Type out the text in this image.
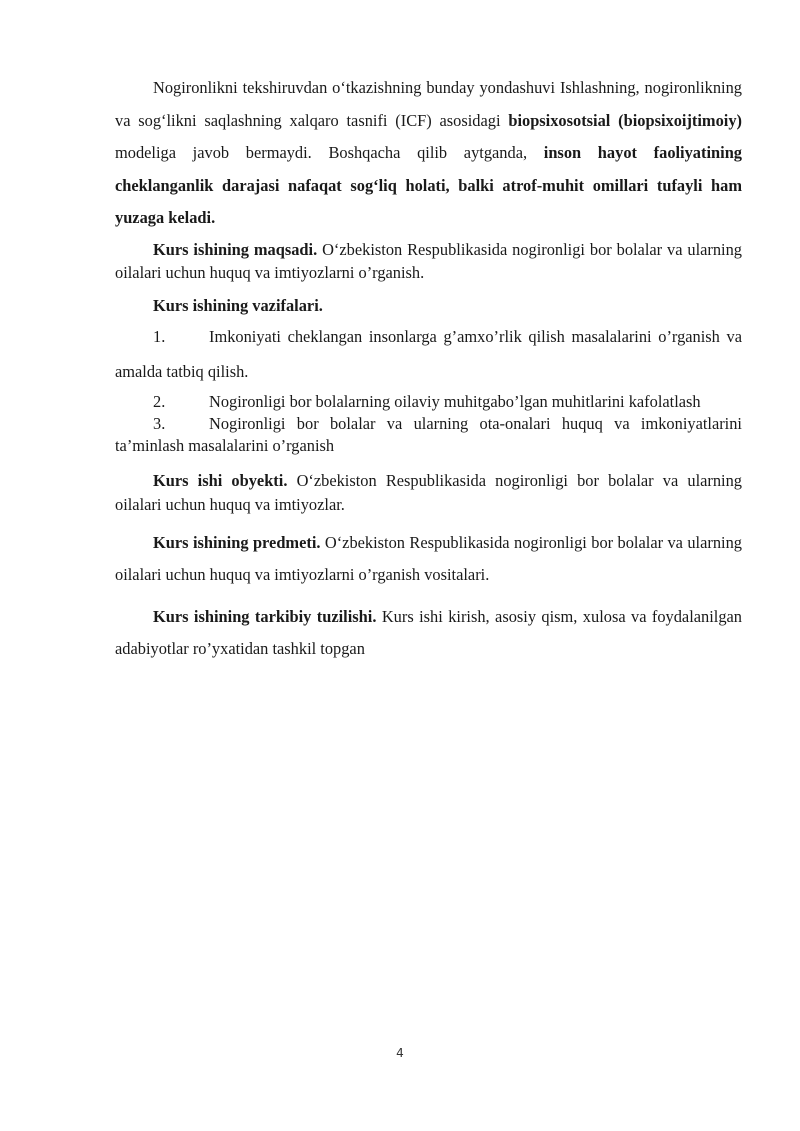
Nogironlikni tekshiruvdan o‘tkazishning bunday yondashuvi Ishlashning, nogironlikning va sog‘likni saqlashning xalqaro tasnifi (ICF) asosidagi biopsixosotsial (biopsixoijtimoiy) modeliga javob bermaydi. Boshqacha qilib aytganda, inson hayot faoliyatining cheklanganlik darajasi nafaqat sog‘liq holati, balki atrof-muhit omillari tufayli ham yuzaga keladi.

Kurs ishining maqsadi. O‘zbekiston Respublikasida nogironligi bor bolalar va ularning oilalari uchun huquq va imtiyozlarni o’rganish.

Kurs ishining vazifalari.

1.	Imkoniyati cheklangan insonlarga g’amxo’rlik qilish masalalarini o’rganish va amalda tatbiq qilish.

2.	Nogironligi bor bolalarning oilaviy muhitgabo’lgan muhitlarini kafolatlash

3.	Nogironligi bor bolalar va ularning ota-onalari huquq va imkoniyatlarini ta’minlash masalalarini o’rganish

Kurs ishi obyekti. O‘zbekiston Respublikasida nogironligi bor bolalar va ularning oilalari uchun huquq va imtiyozlar.

Kurs ishining predmeti. O‘zbekiston Respublikasida nogironligi bor bolalar va ularning oilalari uchun huquq va imtiyozlarni o’rganish vositalari.

Kurs ishining tarkibiy tuzilishi. Kurs ishi kirish, asosiy qism, xulosa va foydalanilgan adabiyotlar ro’yxatidan tashkil topgan

4
